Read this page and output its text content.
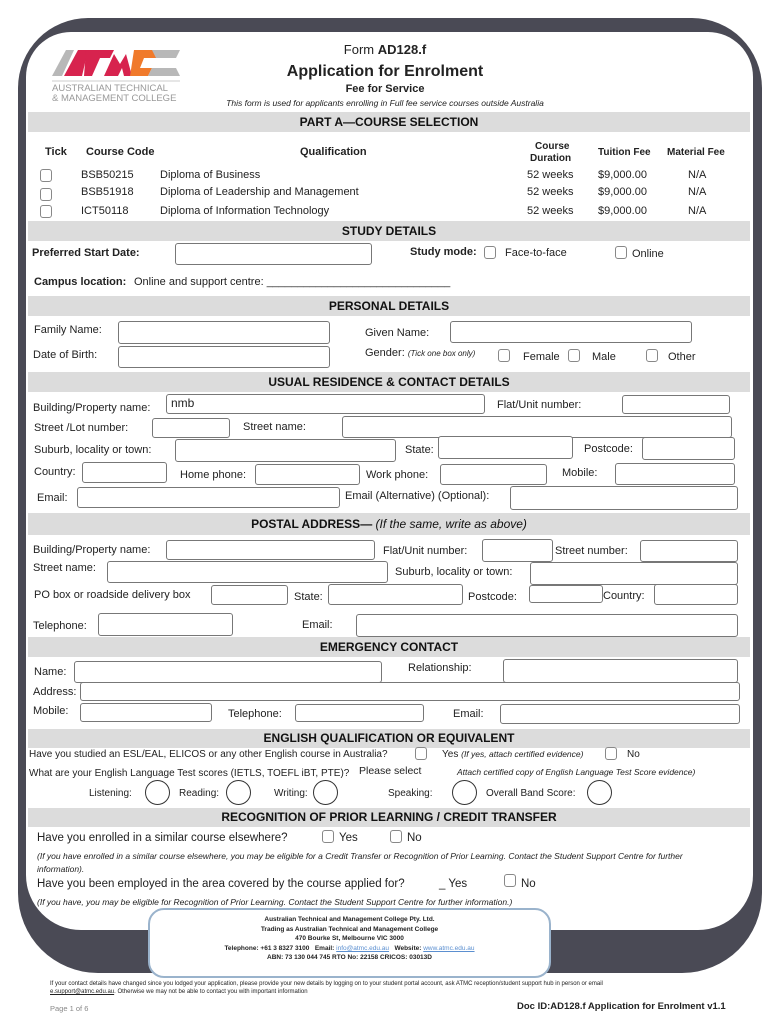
AUSTRALIAN TECHNICAL
& MANAGEMENT COLLEGE
Form AD128.f
Application for Enrolment
Fee for Service
This form is used for applicants enrolling in Full fee service courses outside Australia
PART A—COURSE SELECTION
Tick Course Code	Qualification	Course
Duration
Tuition Fee Material Fee
BSB50215 Diploma of Business	52 weeks $9,000.00	N/A
BSB51918 Diploma of Leadership and Management	52 weeks $9,000.00	N/A
ICT50118	Diploma of Information Technology	52 weeks $9,000.00	N/A
STUDY DETAILS
Preferred Start Date:	Study mode:	Face-to-face	Online
Campus location: Online and support centre: ______________________________
PERSONAL DETAILS
Family Name:	Given Name:
Date of Birth:	Gender: (Tick one box only)	Female	Male	Other
USUAL RESIDENCE & CONTACT DETAILS
Building/Property name:	nmb	Flat/Unit number:
Street /Lot number:	Street name:
Suburb, locality or town:	State:	Postcode:
Country:	Home phone:	Work phone:	Mobile:
Email:	Email (Alternative) (Optional):
POSTAL ADDRESS— (If the same, write as above)
Building/Property name:	Flat/Unit number:	Street number:
Street name:	Suburb, locality or town:
PO box or roadside delivery box	State:	Postcode:	Country:
Telephone:	Email:
EMERGENCY CONTACT
Name:	Relationship:
Address:
Mobile:	Telephone:	Email:
ENGLISH QUALIFICATION OR EQUIVALENT
Have you studied an ESL/EAL, ELICOS or any other English course in Australia?	Yes (If yes, attach certified evidence)	No
What are your English Language Test scores (IETLS, TOEFL iBT, PTE)? Please select	Attach certified copy of English Language Test Score evidence)
Listening:	Reading:	Writing:	Speaking:	Overall Band Score:
RECOGNITION OF PRIOR LEARNING / CREDIT TRANSFER
Have you enrolled in a similar course elsewhere?	Yes	No
(If you have enrolled in a similar course elsewhere, you may be eligible for a Credit Transfer or Recognition of Prior Learning. Contact the Student Support Centre for further information).
Have you been employed in the area covered by the course applied for?	_ Yes	No
(If you have, you may be eligible for Recognition of Prior Learning. Contact the Student Support Centre for further information.)
Australian Technical and Management College Pty. Ltd.
Trading as Australian Technical and Management College
470 Bourke St, Melbourne VIC 3000
Telephone: +61 3 8327 3100 Email: info@atmc.edu.au Website: www.atmc.edu.au
ABN: 73 130 044 745 RTO No: 22158 CRICOS: 03013D
If your contact details have changed since you lodged your application, please provide your new details by logging on to your student portal account, ask ATMC reception/student support hub in person or email
e.support@atmc.edu.au. Otherwise we may not be able to contact you with important information
Page 1 of 6	Doc ID:AD128.f Application for Enrolment v1.1
